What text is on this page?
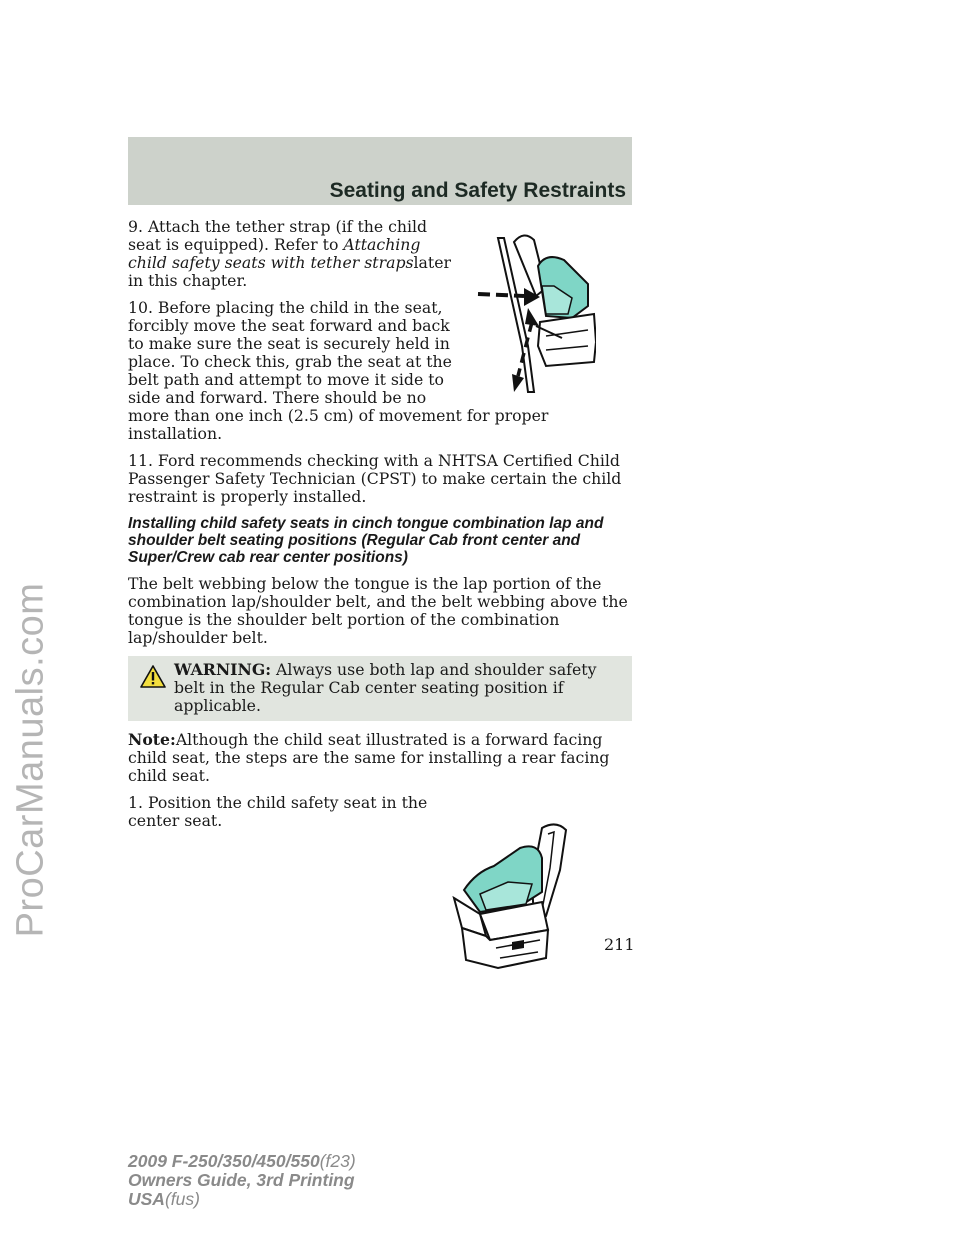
ProCarManuals.com
Seating and Safety Restraints

9. Attach the tether strap (if the child seat is equipped). Refer to Attaching child safety seats with tether strapslater in this chapter.

10. Before placing the child in the seat, forcibly move the seat forward and back to make sure the seat is securely held in place. To check this, grab the seat at the belt path and attempt to move it side to side and forward. There should be no more than one inch (2.5 cm) of movement for proper installation.

11. Ford recommends checking with a NHTSA Certified Child Passenger Safety Technician (CPST) to make certain the child restraint is properly installed.

Installing child safety seats in cinch tongue combination lap and shoulder belt seating positions (Regular Cab front center and Super/Crew cab rear center positions)

The belt webbing below the tongue is the lap portion of the combination lap/shoulder belt, and the belt webbing above the tongue is the shoulder belt portion of the combination lap/shoulder belt.

WARNING: Always use both lap and shoulder safety belt in the Regular Cab center seating position if applicable.

Note:Although the child seat illustrated is a forward facing child seat, the steps are the same for installing a rear facing child seat.

1. Position the child safety seat in the center seat.

211

2009 F-250/350/450/550(f23)
Owners Guide, 3rd Printing
USA(fus)
